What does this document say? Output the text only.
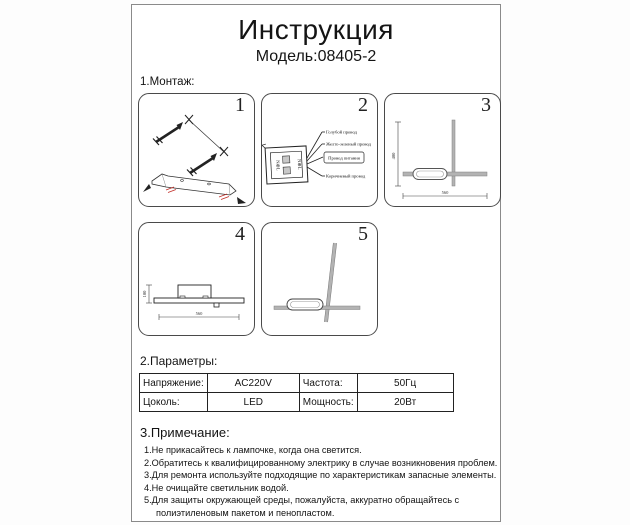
Инструкция
Модель:08405-2
1.Монтаж:
1
N⊕L	N⊕L
Голубой провод
Желто-зеленый провод
Провод питания
Коричневый провод
2
400
560
3
100
560
4	5
2.Параметры:
Напряжение:	AC220V	Частота:	50Гц
Цоколь:	LED	Мощность:	20Вт
3.Примечание:
1.Не прикасайтесь к лампочке, когда она светится.
2.Обратитесь к квалифицированному электрику в случае возникновения проблем.
3.Для ремонта используйте подходящие по характеристикам запасные элементы.
4.Не очищайте светильник водой.
5.Для защиты окружающей среды, пожалуйста, аккуратно обращайтесь с полиэтиленовым пакетом и пенопластом.
